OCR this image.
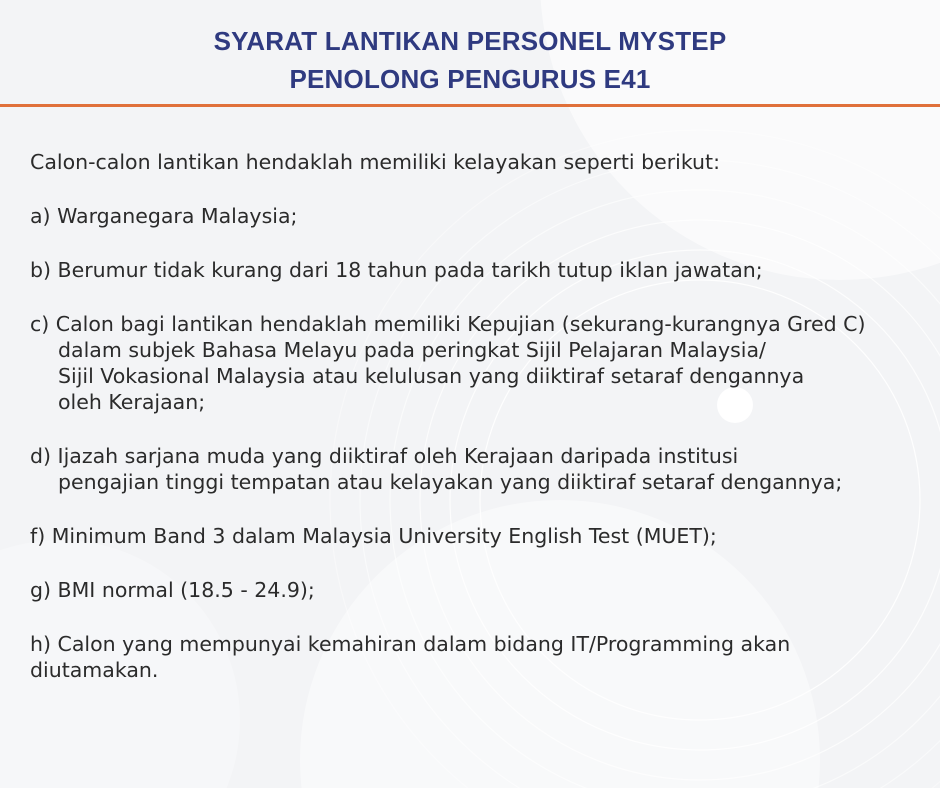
SYARAT LANTIKAN PERSONEL MYSTEP
PENOLONG PENGURUS E41

Calon-calon lantikan hendaklah memiliki kelayakan seperti berikut:

a) Warganegara Malaysia;

b) Berumur tidak kurang dari 18 tahun pada tarikh tutup iklan jawatan;

c) Calon bagi lantikan hendaklah memiliki Kepujian (sekurang-kurangnya Gred C)
dalam subjek Bahasa Melayu pada peringkat Sijil Pelajaran Malaysia/
Sijil Vokasional Malaysia atau kelulusan yang diiktiraf setaraf dengannya
oleh Kerajaan;

d) Ijazah sarjana muda yang diiktiraf oleh Kerajaan daripada institusi
pengajian tinggi tempatan atau kelayakan yang diiktiraf setaraf dengannya;

f) Minimum Band 3 dalam Malaysia University English Test (MUET);

g) BMI normal (18.5 - 24.9);

h) Calon yang mempunyai kemahiran dalam bidang IT/Programming akan
diutamakan.
